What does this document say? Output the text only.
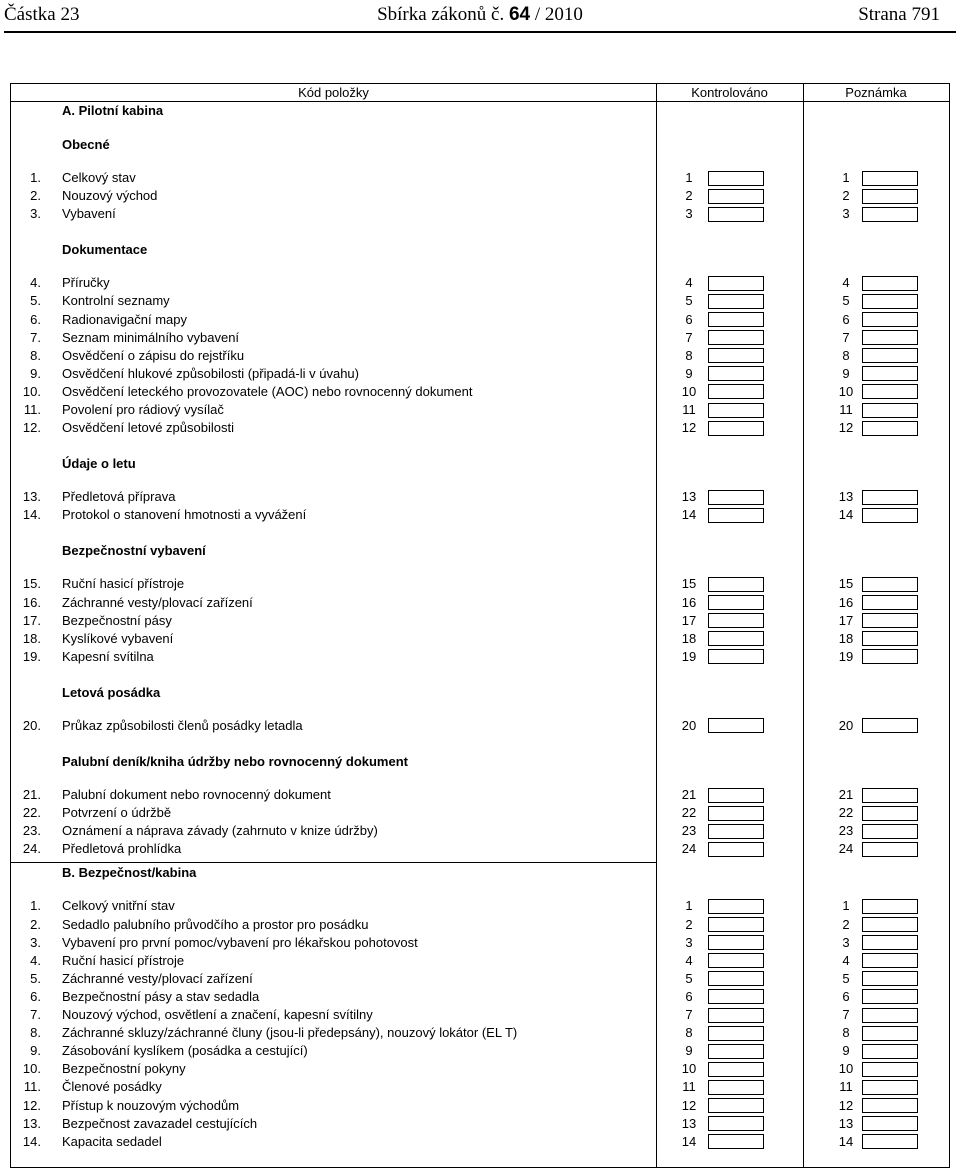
Částka 23	Sbírka zákonů č. 64 / 2010	Strana 791
Kód položky	Kontrolováno	Poznámka
A. Pilotní kabina
Obecné
1. Celkový stav	1	1
2. Nouzový východ	2	2
3. Vybavení	3	3
Dokumentace
4. Příručky	4	4
5. Kontrolní seznamy	5	5
6. Radionavigační mapy	6	6
7. Seznam minimálního vybavení	7	7
8. Osvědčení o zápisu do rejstříku	8	8
9. Osvědčení hlukové způsobilosti (připadá-li v úvahu)	9	9
10. Osvědčení leteckého provozovatele (AOC) nebo rovnocenný dokument	10	10
11. Povolení pro rádiový vysílač	11	11
12. Osvědčení letové způsobilosti	12	12
Údaje o letu
13. Předletová příprava	13	13
14. Protokol o stanovení hmotnosti a vyvážení	14	14
Bezpečnostní vybavení
15. Ruční hasicí přístroje	15	15
16. Záchranné vesty/plovací zařízení	16	16
17. Bezpečnostní pásy	17	17
18. Kyslíkové vybavení	18	18
19. Kapesní svítilna	19	19
Letová posádka
20. Průkaz způsobilosti členů posádky letadla	20	20
Palubní deník/kniha údržby nebo rovnocenný dokument
21. Palubní dokument nebo rovnocenný dokument	21	21
22. Potvrzení o údržbě	22	22
23. Oznámení a náprava závady (zahrnuto v knize údržby)	23	23
24. Předletová prohlídka	24	24
B. Bezpečnost/kabina
1. Celkový vnitřní stav	1	1
2. Sedadlo palubního průvodčího a prostor pro posádku	2	2
3. Vybavení pro první pomoc/vybavení pro lékařskou pohotovost	3	3
4. Ruční hasicí přístroje	4	4
5. Záchranné vesty/plovací zařízení	5	5
6. Bezpečnostní pásy a stav sedadla	6	6
7. Nouzový východ, osvětlení a značení, kapesní svítilny	7	7
8. Záchranné skluzy/záchranné čluny (jsou-li předepsány), nouzový lokátor (EL T)	8	8
9. Zásobování kyslíkem (posádka a cestující)	9	9
10. Bezpečnostní pokyny	10	10
11. Členové posádky	11	11
12. Přístup k nouzovým východům	12	12
13. Bezpečnost zavazadel cestujících	13	13
14. Kapacita sedadel	14	14
